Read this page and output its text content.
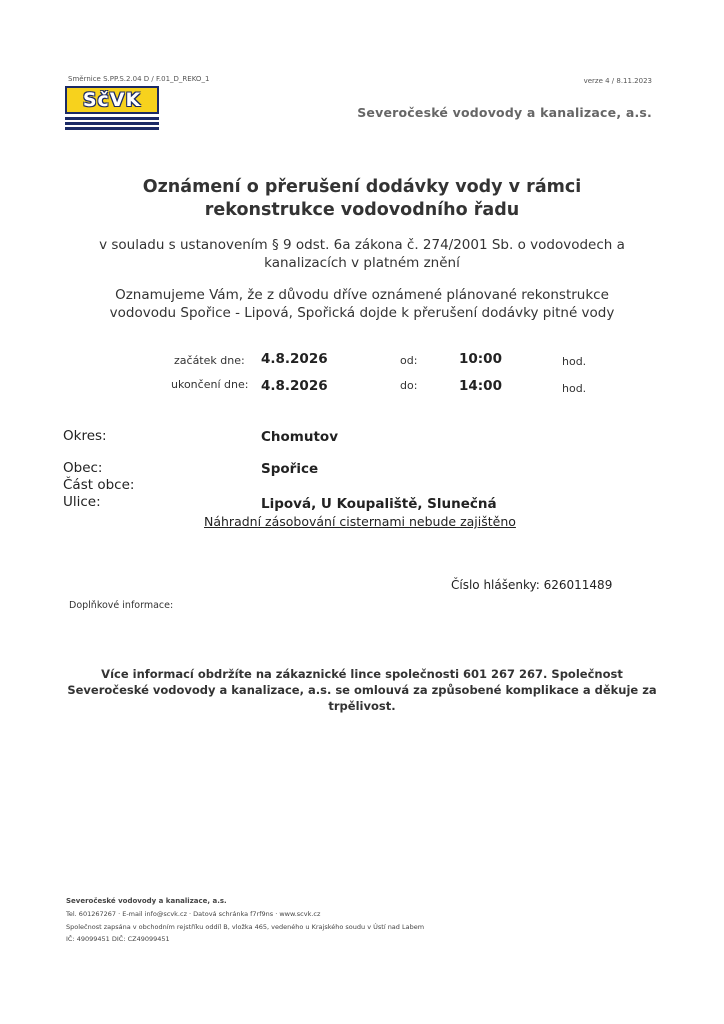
Směrnice S.PP.S.2.04 D / F.01_D_REKO_1	verze 4 / 8.11.2023
SčVK
Severočeské vodovody a kanalizace, a.s.
Oznámení o přerušení dodávky vody v rámci
rekonstrukce vodovodního řadu
v souladu s ustanovením § 9 odst. 6a zákona č. 274/2001 Sb. o vodovodech a
kanalizacích v platném znění
Oznamujeme Vám, že z důvodu dříve oznámené plánované rekonstrukce
vodovodu Spořice - Lipová, Spořická dojde k přerušení dodávky pitné vody
začátek dne: 4.8.2026	od:	10:00	hod.
ukončení dne: 4.8.2026	do:	14:00	hod.
Okres:	Chomutov
Obec:	Spořice
Část obce:
Ulice:	Lipová, U Koupaliště, Slunečná
Náhradní zásobování cisternami nebude zajištěno
Číslo hlášenky: 626011489
Doplňkové informace:
Více informací obdržíte na zákaznické lince společnosti 601 267 267. Společnost
Severočeské vodovody a kanalizace, a.s. se omlouvá za způsobené komplikace a děkuje za
trpělivost.
Severočeské vodovody a kanalizace, a.s.
Tel. 601267267 · E-mail info@scvk.cz · Datová schránka f7rf9ns · www.scvk.cz
Společnost zapsána v obchodním rejstříku oddíl B, vložka 465, vedeného u Krajského soudu v Ústí nad Labem
IČ: 49099451 DIČ: CZ49099451
